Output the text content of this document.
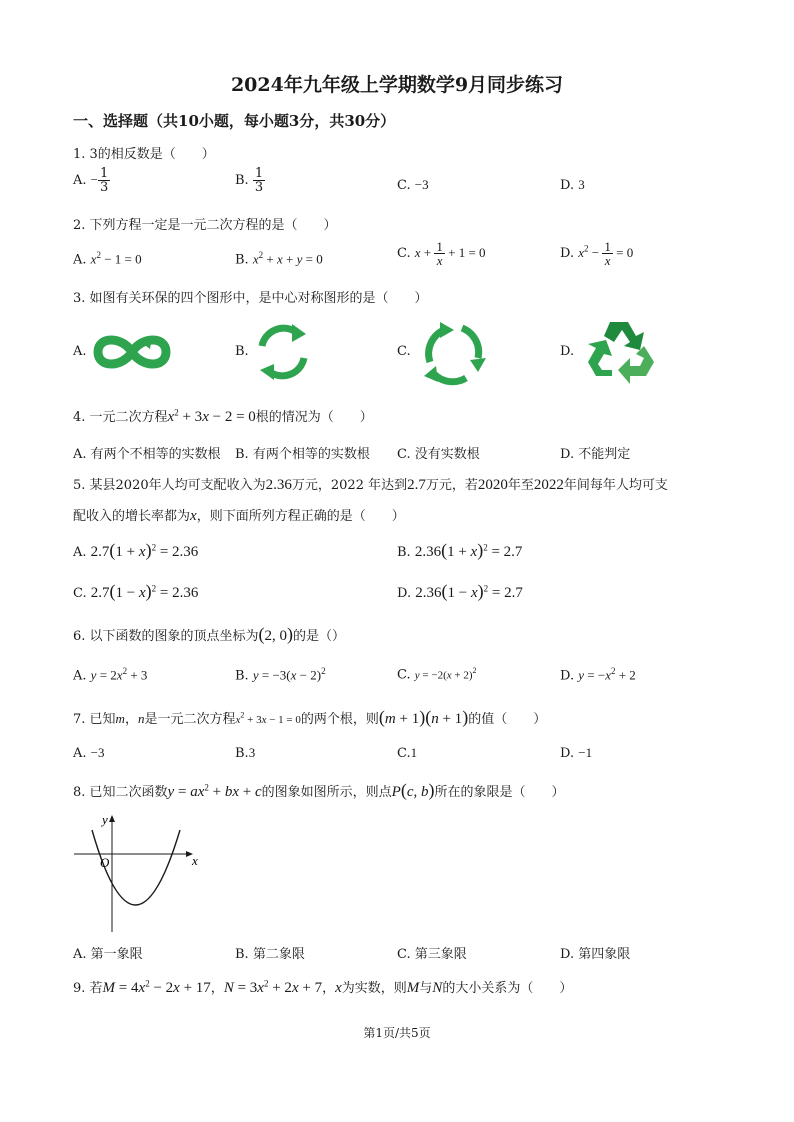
2024年九年级上学期数学9月同步练习
一、选择题（共10小题，每小题3分，共30分）
1. 3的相反数是（　　）
A. − $\frac{1}{3}$	B. $\frac{1}{3}$	C. −3	D. 3
2. 下列方程一定是一元二次方程的是（　　）
A. $x^2 - 1 = 0$	B. $x^2 + x + y = 0$	C. $x + \frac{1}{x} + 1 = 0$	D. $x^2 - \frac{1}{x} = 0$
3. 如图有关环保的四个图形中，是中心对称图形的是（　　）
A.	B.	C.	D.
4. 一元二次方程$x^2 + 3x - 2 = 0$根的情况为（　　）
A. 有两个不相等的实数根 B. 有两个相等的实数根 C. 没有实数根	D. 不能判定
5. 某县2020年人均可支配收入为2.36万元，2022 年达到2.7万元，若2020年至2022年间每年人均可支
配收入的增长率都为x，则下面所列方程正确的是（　　）
A. $2.7(1 + x)^2 = 2.36$	B. $2.36(1 + x)^2 = 2.7$
C. $2.7(1 - x)^2 = 2.36$	D. $2.36(1 - x)^2 = 2.7$
6. 以下函数的图象的顶点坐标为(2, 0)的是（）
A. $y = 2x^2 + 3$	B. $y = -3(x - 2)^2$	C. $y = -2(x + 2)^2$	D. $y = -x^2 + 2$
7. 已知m，n是一元二次方程$x^2 + 3x - 1 = 0$的两个根，则(m + 1)(n + 1)的值（　　）
A. −3	B.3	C.1	D. −1
8. 已知二次函数$y = ax^2$ + bx + c的图象如图所示，则点P(c, b)所在的象限是（　　）
y
x
O
A. 第一象限	B. 第二象限	C. 第三象限	D. 第四象限
9. 若$M = 4x^2 - 2x + 17$，$N = 3x^2 + 2x + 7$，x为实数，则M与N的大小关系为（　　）
第1页/共5页
